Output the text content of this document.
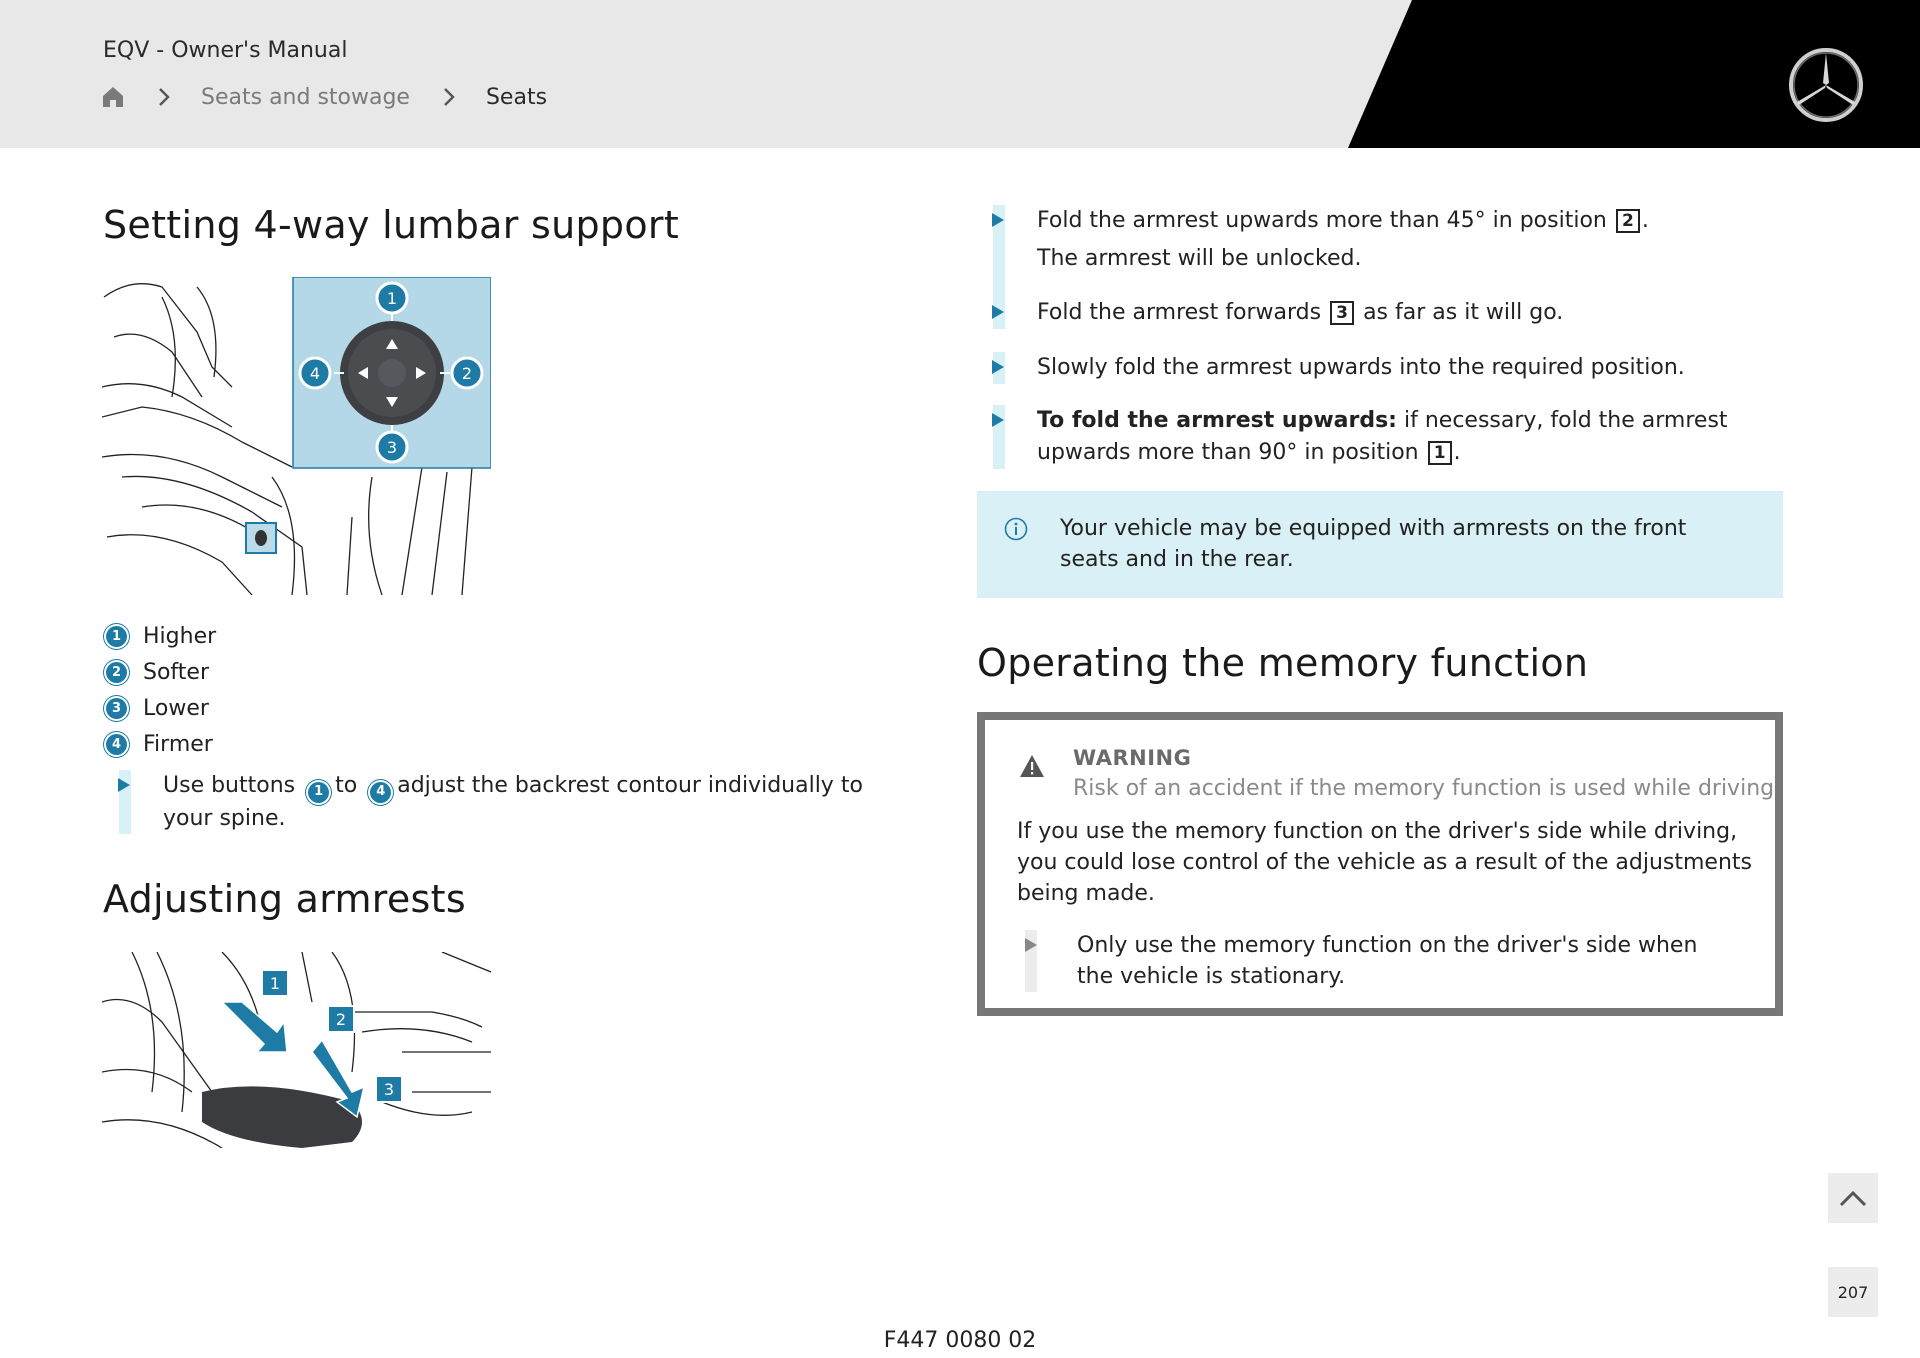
EQV - Owner's Manual
Seats and stowage	Seats
Setting 4-way lumbar support
1
2
3
4
1 Higher
2 Softer
3 Lower
4 Firmer
Use buttons 1 to 4 adjust the backrest contour individually to your spine.
Adjusting armrests
1
2
3
Fold the armrest upwards more than 45° in position 2 .
The armrest will be unlocked.
Fold the armrest forwards 3 as far as it will go.
Slowly fold the armrest upwards into the required position.
To fold the armrest upwards: if necessary, fold the armrest upwards more than 90° in position 1 .
Your vehicle may be equipped with armrests on the front seats and in the rear.
Operating the memory function
WARNING
Risk of an accident if the memory function is used while driving
If you use the memory function on the driver's side while driving, you could lose control of the vehicle as a result of the adjustments being made.
Only use the memory function on the driver's side when the vehicle is stationary.
F447 0080 02
207
